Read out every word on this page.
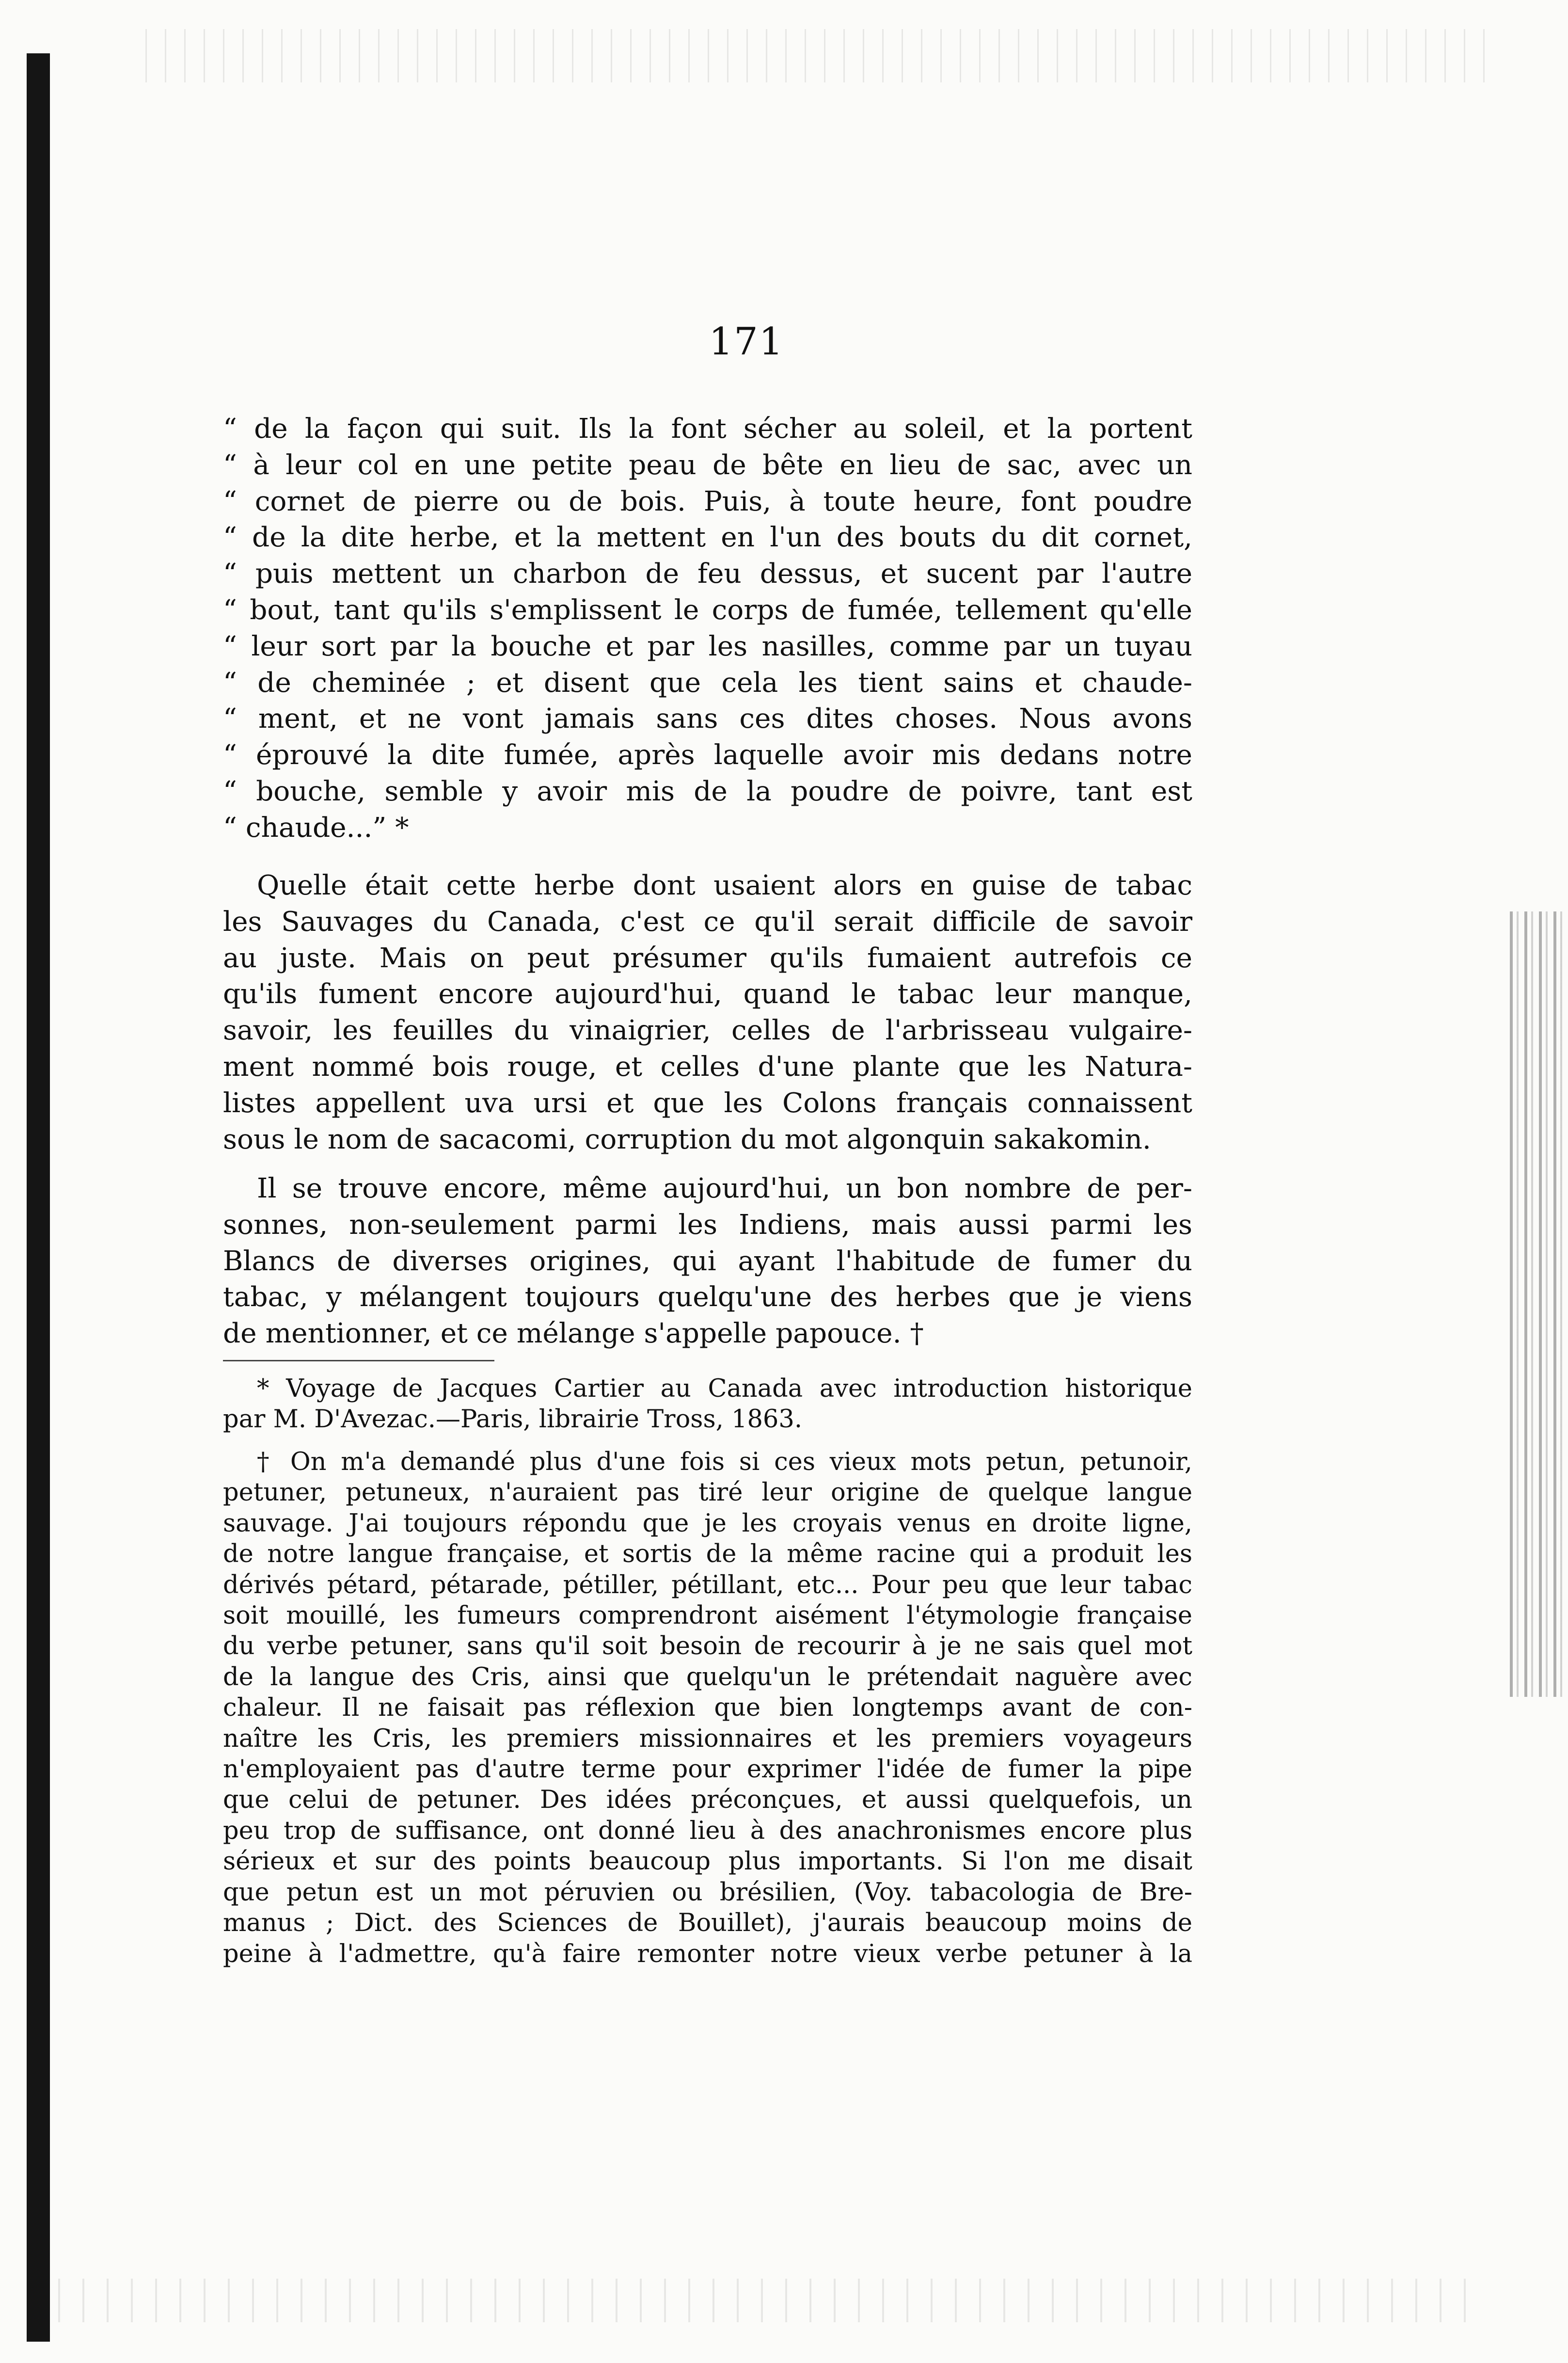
171
“ de la façon qui suit. Ils la font sécher au soleil, et la portent
“ à leur col en une petite peau de bête en lieu de sac, avec un
“ cornet de pierre ou de bois. Puis, à toute heure, font poudre
“ de la dite herbe, et la mettent en l'un des bouts du dit cornet,
“ puis mettent un charbon de feu dessus, et sucent par l'autre
“ bout, tant qu'ils s'emplissent le corps de fumée, tellement qu'elle
“ leur sort par la bouche et par les nasilles, comme par un tuyau
“ de cheminée ; et disent que cela les tient sains et chaude-
“ ment, et ne vont jamais sans ces dites choses. Nous avons
“ éprouvé la dite fumée, après laquelle avoir mis dedans notre
“ bouche, semble y avoir mis de la poudre de poivre, tant est
“ chaude...” *
Quelle était cette herbe dont usaient alors en guise de tabac
les Sauvages du Canada, c'est ce qu'il serait difficile de savoir
au juste. Mais on peut présumer qu'ils fumaient autrefois ce
qu'ils fument encore aujourd'hui, quand le tabac leur manque,
savoir, les feuilles du vinaigrier, celles de l'arbrisseau vulgaire-
ment nommé bois rouge, et celles d'une plante que les Natura-
listes appellent uva ursi et que les Colons français connaissent
sous le nom de sacacomi, corruption du mot algonquin sakakomin.
Il se trouve encore, même aujourd'hui, un bon nombre de per-
sonnes, non-seulement parmi les Indiens, mais aussi parmi les
Blancs de diverses origines, qui ayant l'habitude de fumer du
tabac, y mélangent toujours quelqu'une des herbes que je viens
de mentionner, et ce mélange s'appelle papouce. †
* Voyage de Jacques Cartier au Canada avec introduction historique
par M. D'Avezac.—Paris, librairie Tross, 1863.
† On m'a demandé plus d'une fois si ces vieux mots petun, petunoir,
petuner, petuneux, n'auraient pas tiré leur origine de quelque langue
sauvage. J'ai toujours répondu que je les croyais venus en droite ligne,
de notre langue française, et sortis de la même racine qui a produit les
dérivés pétard, pétarade, pétiller, pétillant, etc... Pour peu que leur tabac
soit mouillé, les fumeurs comprendront aisément l'étymologie française
du verbe petuner, sans qu'il soit besoin de recourir à je ne sais quel mot
de la langue des Cris, ainsi que quelqu'un le prétendait naguère avec
chaleur. Il ne faisait pas réflexion que bien longtemps avant de con-
naître les Cris, les premiers missionnaires et les premiers voyageurs
n'employaient pas d'autre terme pour exprimer l'idée de fumer la pipe
que celui de petuner. Des idées préconçues, et aussi quelquefois, un
peu trop de suffisance, ont donné lieu à des anachronismes encore plus
sérieux et sur des points beaucoup plus importants. Si l'on me disait
que petun est un mot péruvien ou brésilien, (Voy. tabacologia de Bre-
manus ; Dict. des Sciences de Bouillet), j'aurais beaucoup moins de
peine à l'admettre, qu'à faire remonter notre vieux verbe petuner à la
